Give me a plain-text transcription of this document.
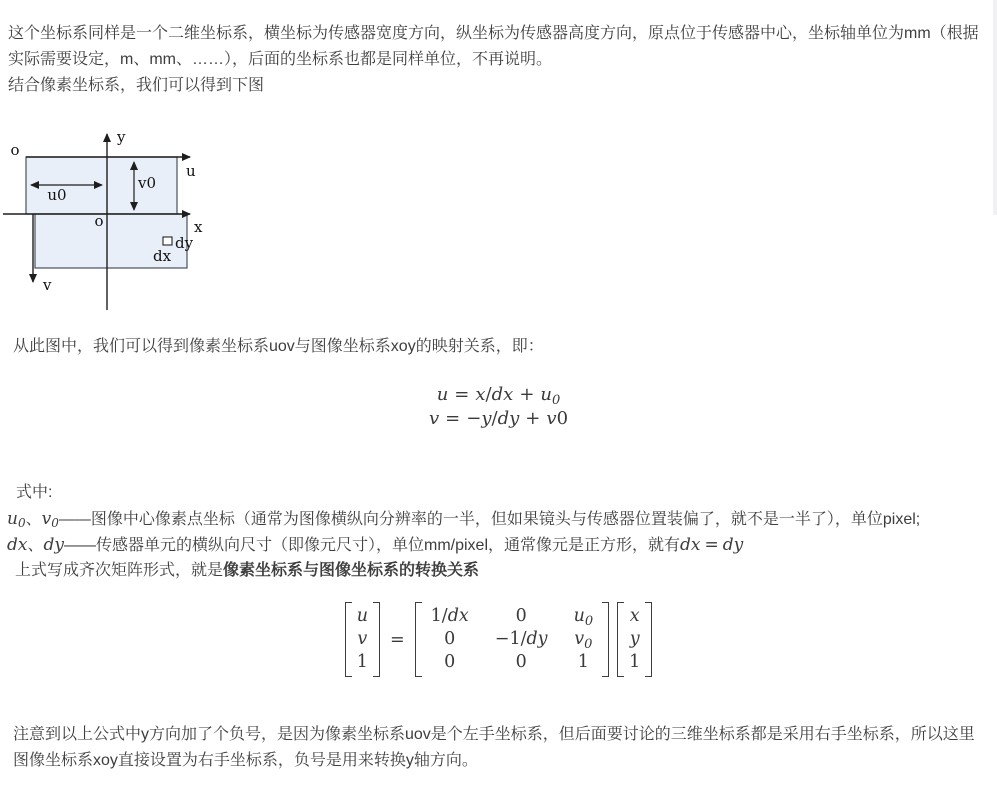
这个坐标系同样是一个二维坐标系，横坐标为传感器宽度方向，纵坐标为传感器高度方向，原点位于传感器中心，坐标轴单位为mm（根据实际需要设定，m、mm、……），后面的坐标系也都是同样单位，不再说明。

结合像素坐标系，我们可以得到下图

o
y
u
x
o
v
u0
v0
dy
dx

从此图中，我们可以得到像素坐标系uov与图像坐标系xoy的映射关系，即：

$u = x/dx + u_0$
v = −y/dy + v0

式中:

u0、v0——图像中心像素点坐标（通常为图像横纵向分辨率的一半，但如果镜头与传感器位置装偏了，就不是一半了），单位pixel;

dx、dy——传感器单元的横纵向尺寸（即像元尺寸），单位mm/pixel，通常像元是正方形，就有dx = dy

上式写成齐次矩阵形式，就是像素坐标系与图像坐标系的转换关系

u
v
1
=
1/dx	0	$u_0$
0	−1/dy $v_0$
0	0	1
x
y
1

注意到以上公式中y方向加了个负号，是因为像素坐标系uov是个左手坐标系，但后面要讨论的三维坐标系都是采用右手坐标系，所以这里图像坐标系xoy直接设置为右手坐标系，负号是用来转换y轴方向。
